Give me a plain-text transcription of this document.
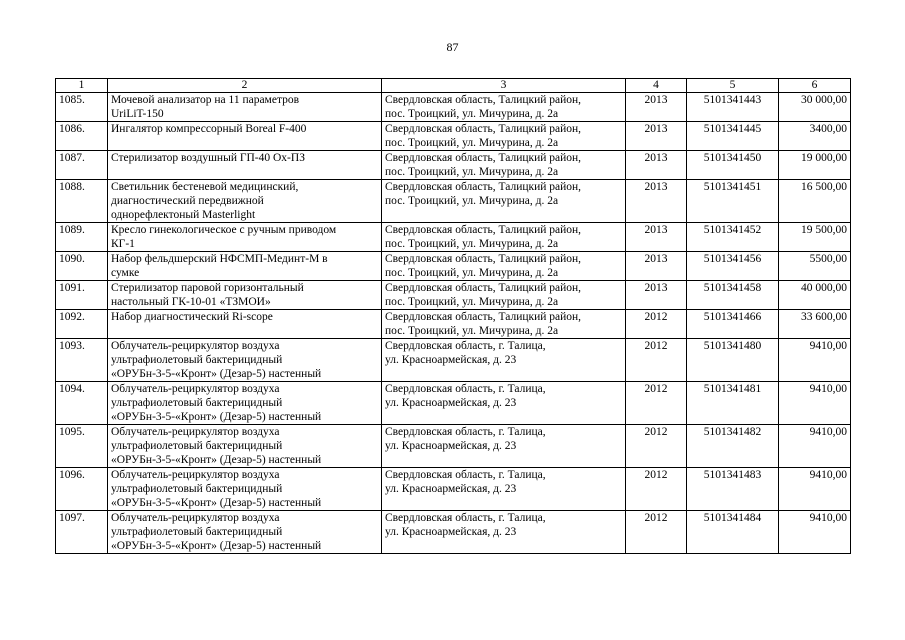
87
1	2	3	4	5	6
1085.	Мочевой анализатор на 11 параметров
UriLiT-150	Свердловская область, Талицкий район,
пос. Троицкий, ул. Мичурина, д. 2а	2013	5101341443	30 000,00
1086.	Ингалятор компрессорный Boreal F-400	Свердловская область, Талицкий район,
пос. Троицкий, ул. Мичурина, д. 2а	2013	5101341445	3400,00
1087.	Стерилизатор воздушный ГП-40 Ох-ПЗ	Свердловская область, Талицкий район,
пос. Троицкий, ул. Мичурина, д. 2а	2013	5101341450	19 000,00
1088.	Светильник бестеневой медицинский,
диагностический передвижной
однорефлектоный Masterlight	Свердловская область, Талицкий район,
пос. Троицкий, ул. Мичурина, д. 2а	2013	5101341451	16 500,00
1089.	Кресло гинекологическое с ручным приводом
КГ-1	Свердловская область, Талицкий район,
пос. Троицкий, ул. Мичурина, д. 2а	2013	5101341452	19 500,00
1090.	Набор фельдшерский НФСМП-Мединт-М в
сумке	Свердловская область, Талицкий район,
пос. Троицкий, ул. Мичурина, д. 2а	2013	5101341456	5500,00
1091.	Стерилизатор паровой горизонтальный
настольный ГК-10-01 «ТЗМОИ»	Свердловская область, Талицкий район,
пос. Троицкий, ул. Мичурина, д. 2а	2013	5101341458	40 000,00
1092.	Набор диагностический Ri-scope	Свердловская область, Талицкий район,
пос. Троицкий, ул. Мичурина, д. 2а	2012	5101341466	33 600,00
1093.	Облучатель-рециркулятор воздуха
ультрафиолетовый бактерицидный
«ОРУБн-3-5-«Кронт» (Дезар-5) настенный	Свердловская область, г. Талица,
ул. Красноармейская, д. 23	2012	5101341480	9410,00
1094.	Облучатель-рециркулятор воздуха
ультрафиолетовый бактерицидный
«ОРУБн-3-5-«Кронт» (Дезар-5) настенный	Свердловская область, г. Талица,
ул. Красноармейская, д. 23	2012	5101341481	9410,00
1095.	Облучатель-рециркулятор воздуха
ультрафиолетовый бактерицидный
«ОРУБн-3-5-«Кронт» (Дезар-5) настенный	Свердловская область, г. Талица,
ул. Красноармейская, д. 23	2012	5101341482	9410,00
1096.	Облучатель-рециркулятор воздуха
ультрафиолетовый бактерицидный
«ОРУБн-3-5-«Кронт» (Дезар-5) настенный	Свердловская область, г. Талица,
ул. Красноармейская, д. 23	2012	5101341483	9410,00
1097.	Облучатель-рециркулятор воздуха
ультрафиолетовый бактерицидный
«ОРУБн-3-5-«Кронт» (Дезар-5) настенный	Свердловская область, г. Талица,
ул. Красноармейская, д. 23	2012	5101341484	9410,00
